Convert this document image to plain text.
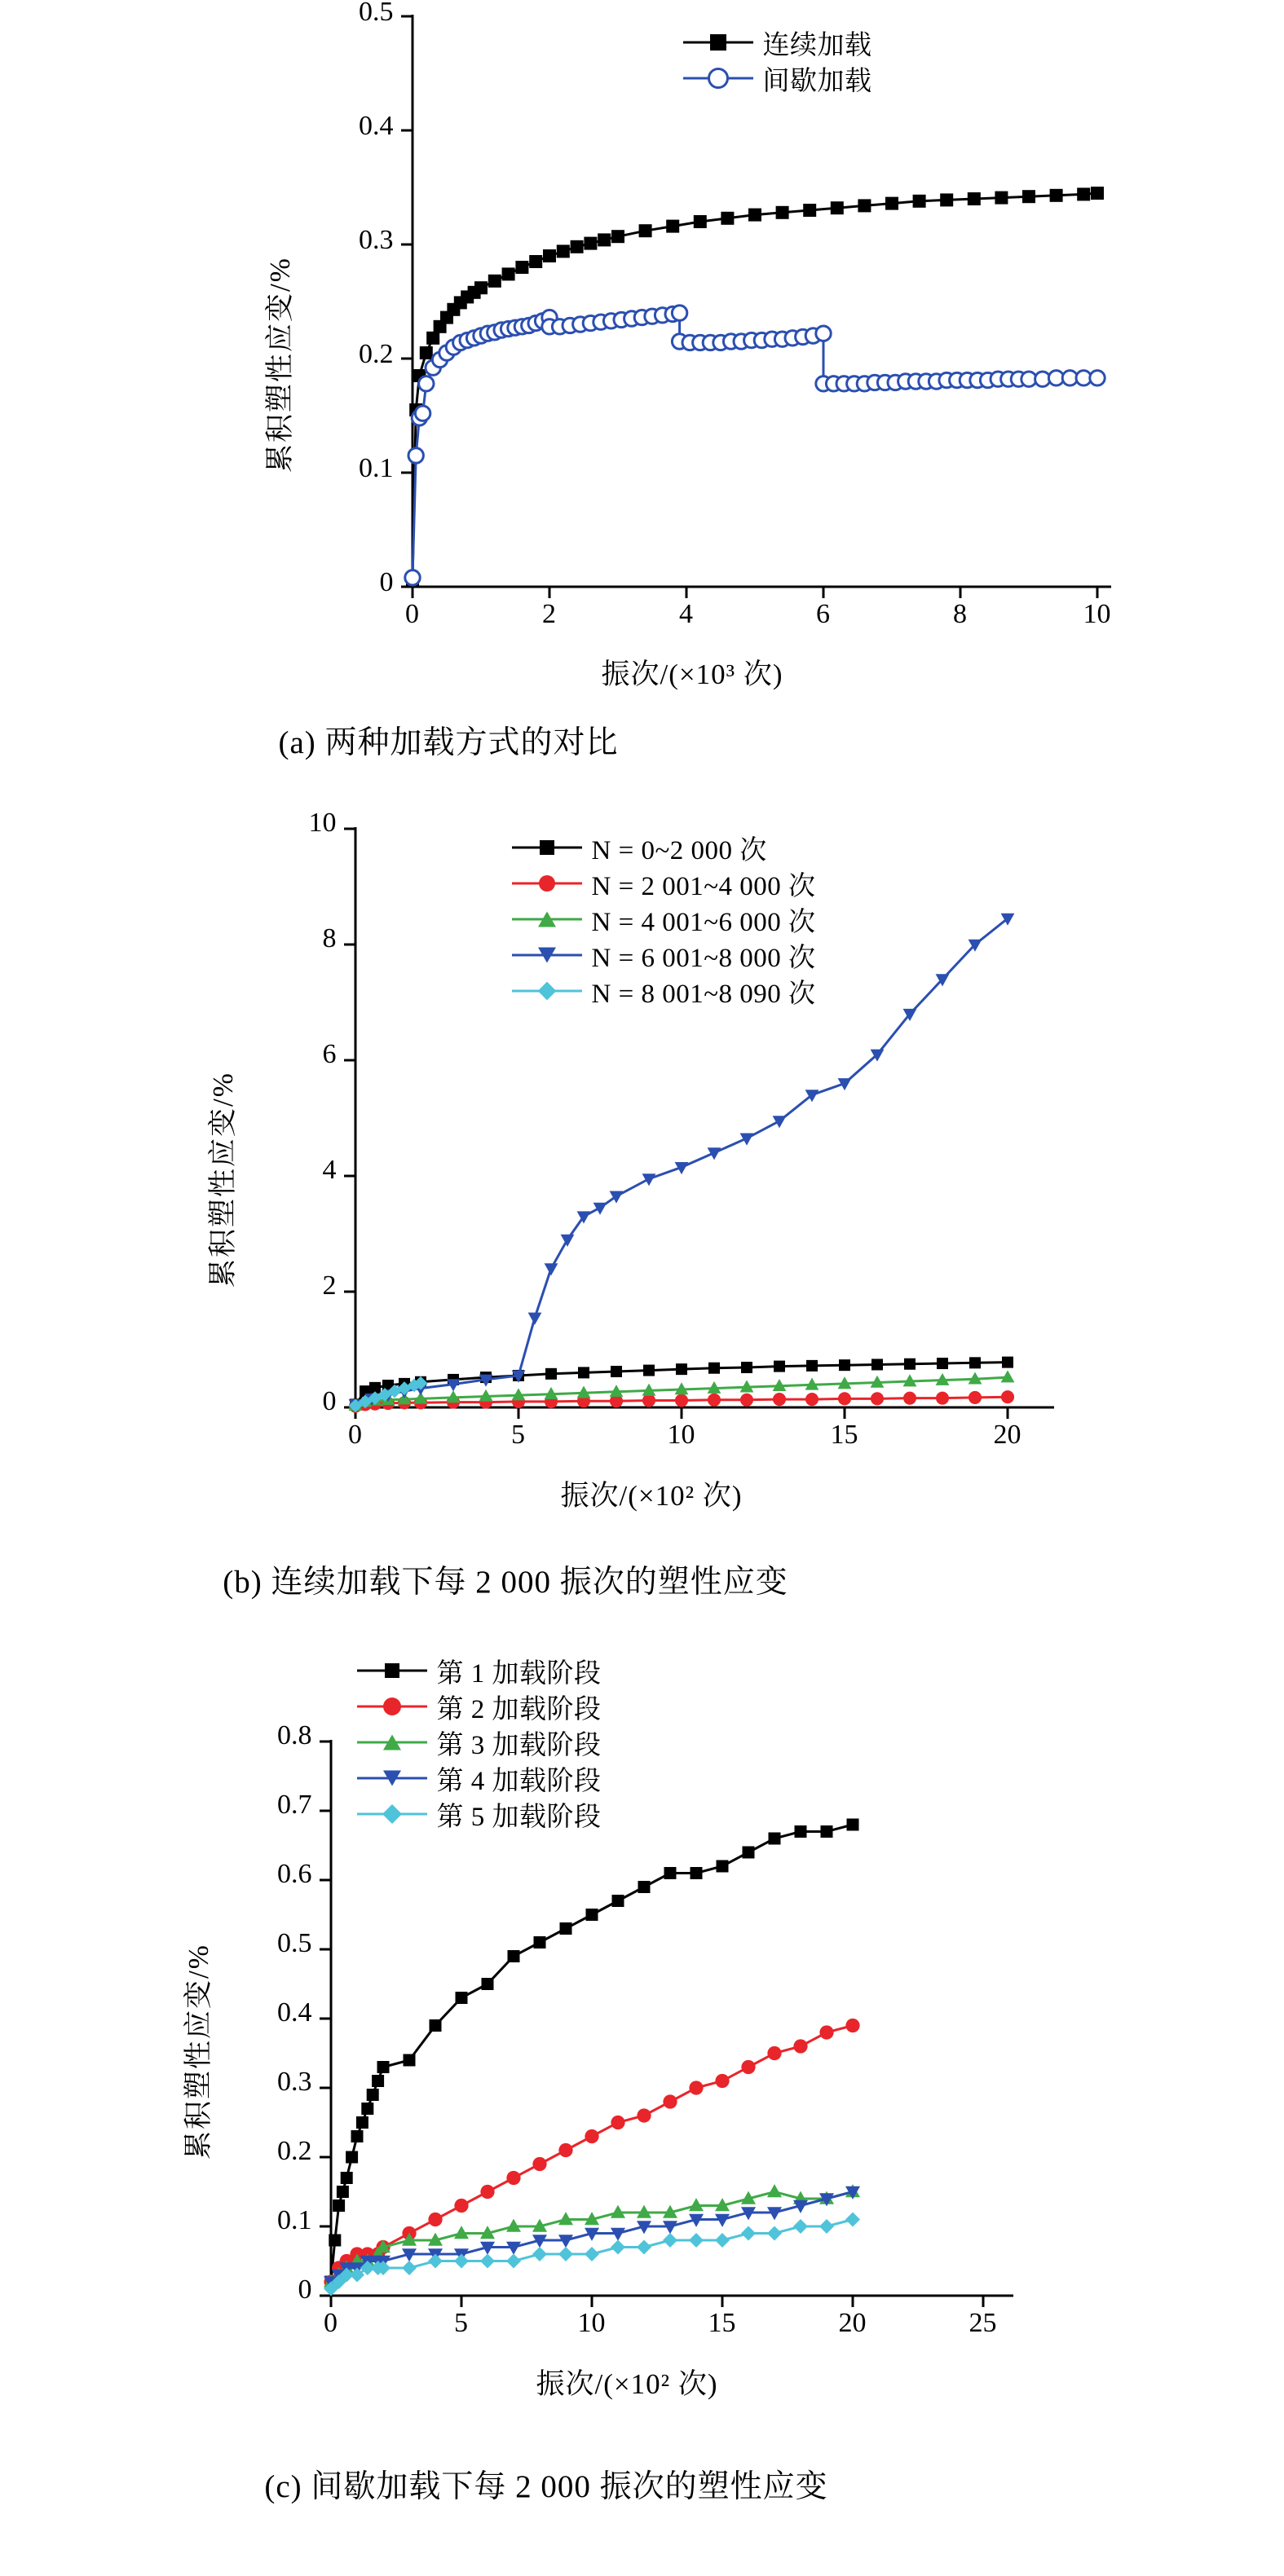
累积塑性应变/%
0
0.1
0.2
0.3
0.4
0.5
0	2	4	6	8	10
振次/(×10³ 次)
连续加载
间歇加载
(a) 两种加载方式的对比
累积塑性应变/%
0
2
4
6
8
10
0	5	10	15	20
振次/(×10² 次)
N = 0~2 000 次
N = 2 001~4 000 次
N = 4 001~6 000 次
N = 6 001~8 000 次
N = 8 001~8 090 次
(b) 连续加载下每 2 000 振次的塑性应变
累积塑性应变/%
0
0.1
0.2
0.3
0.4
0.5
0.6
0.7
0.8
0	5	10	15	20	25
振次/(×10² 次)
第 1 加载阶段
第 2 加载阶段
第 3 加载阶段
第 4 加载阶段
第 5 加载阶段
(c) 间歇加载下每 2 000 振次的塑性应变
